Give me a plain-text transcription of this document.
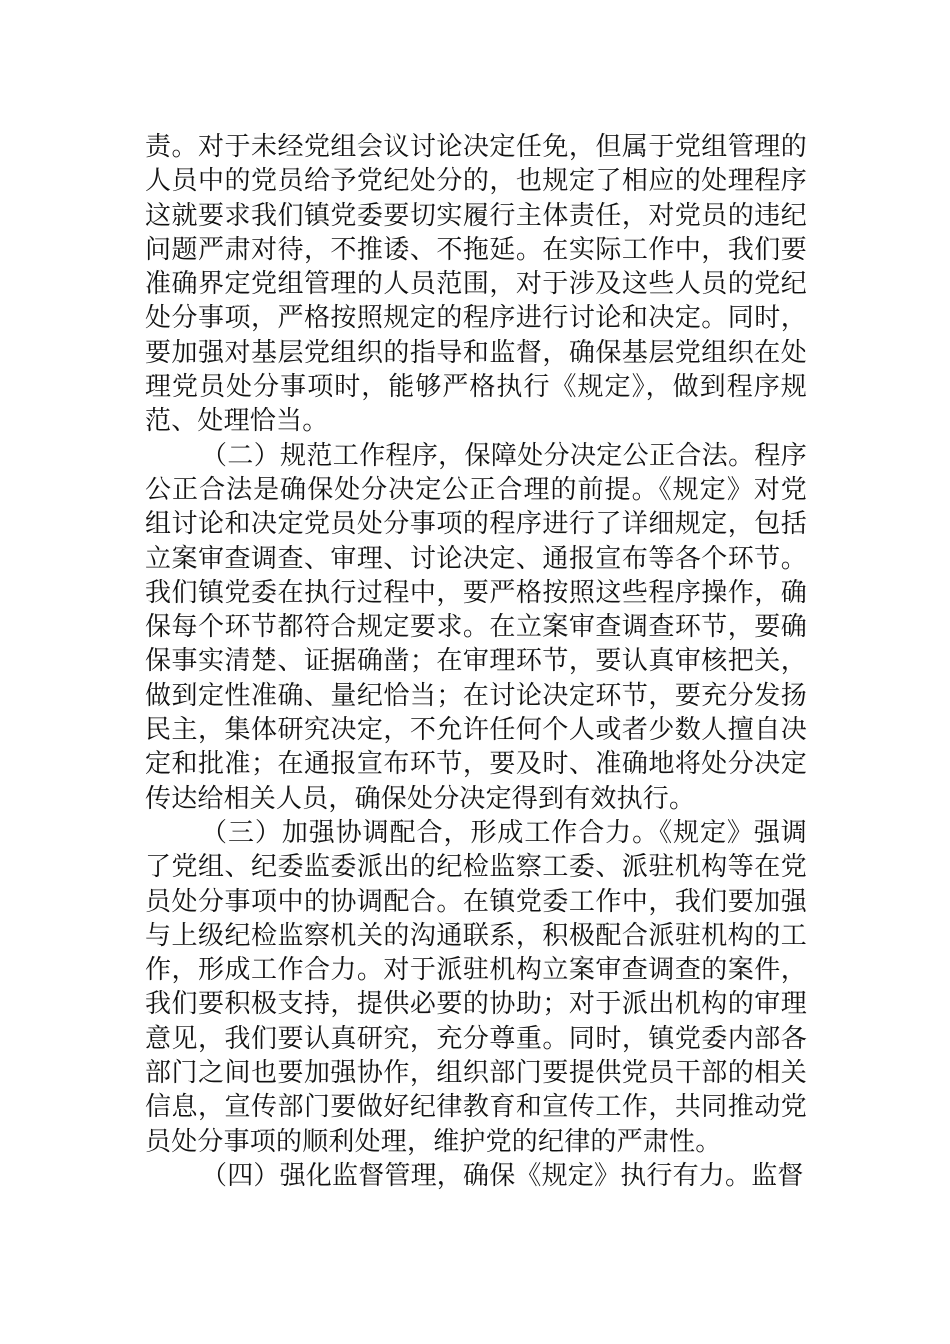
责。对于未经党组会议讨论决定任免，但属于党组管理的人员中的党员给予党纪处分的，也规定了相应的处理程序这就要求我们镇党委要切实履行主体责任，对党员的违纪问题严肃对待，不推诿、不拖延。在实际工作中，我们要准确界定党组管理的人员范围，对于涉及这些人员的党纪处分事项，严格按照规定的程序进行讨论和决定。同时，要加强对基层党组织的指导和监督，确保基层党组织在处理党员处分事项时，能够严格执行《规定》，做到程序规范、处理恰当。

（二）规范工作程序，保障处分决定公正合法。程序公正合法是确保处分决定公正合理的前提。《规定》对党组讨论和决定党员处分事项的程序进行了详细规定，包括立案审查调查、审理、讨论决定、通报宣布等各个环节。我们镇党委在执行过程中，要严格按照这些程序操作，确保每个环节都符合规定要求。在立案审查调查环节，要确保事实清楚、证据确凿；在审理环节，要认真审核把关，做到定性准确、量纪恰当；在讨论决定环节，要充分发扬民主，集体研究决定，不允许任何个人或者少数人擅自决定和批准；在通报宣布环节，要及时、准确地将处分决定传达给相关人员，确保处分决定得到有效执行。

（三）加强协调配合，形成工作合力。《规定》强调了党组、纪委监委派出的纪检监察工委、派驻机构等在党员处分事项中的协调配合。在镇党委工作中，我们要加强与上级纪检监察机关的沟通联系，积极配合派驻机构的工作，形成工作合力。对于派驻机构立案审查调查的案件，我们要积极支持，提供必要的协助；对于派出机构的审理意见，我们要认真研究，充分尊重。同时，镇党委内部各部门之间也要加强协作，组织部门要提供党员干部的相关信息，宣传部门要做好纪律教育和宣传工作，共同推动党员处分事项的顺利处理，维护党的纪律的严肃性。

（四）强化监督管理，确保《规定》执行有力。监督
